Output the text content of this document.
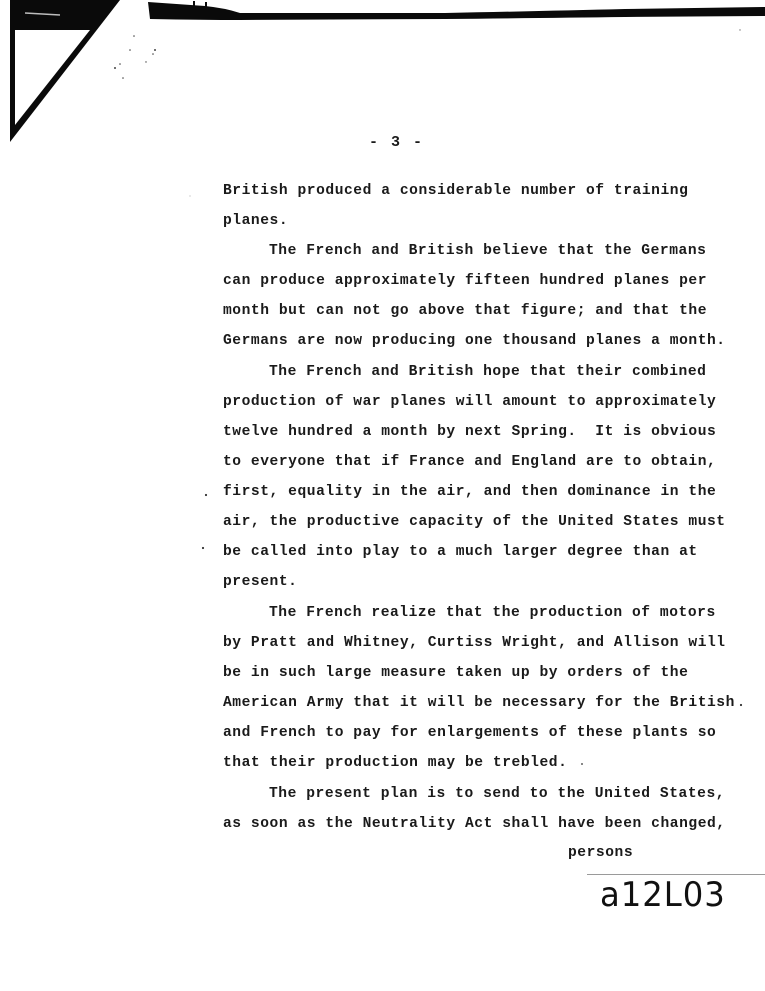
- 3 -
British produced a considerable number of training
planes.
The French and British believe that the Germans
can produce approximately fifteen hundred planes per
month but can not go above that figure; and that the
Germans are now producing one thousand planes a month.
The French and British hope that their combined
production of war planes will amount to approximately
twelve hundred a month by next Spring.  It is obvious
to everyone that if France and England are to obtain,
first, equality in the air, and then dominance in the
air, the productive capacity of the United States must
be called into play to a much larger degree than at
present.
The French realize that the production of motors
by Pratt and Whitney, Curtiss Wright, and Allison will
be in such large measure taken up by orders of the
American Army that it will be necessary for the British
and French to pay for enlargements of these plants so
that their production may be trebled.
The present plan is to send to the United States,
as soon as the Neutrality Act shall have been changed,
persons
a12L03
